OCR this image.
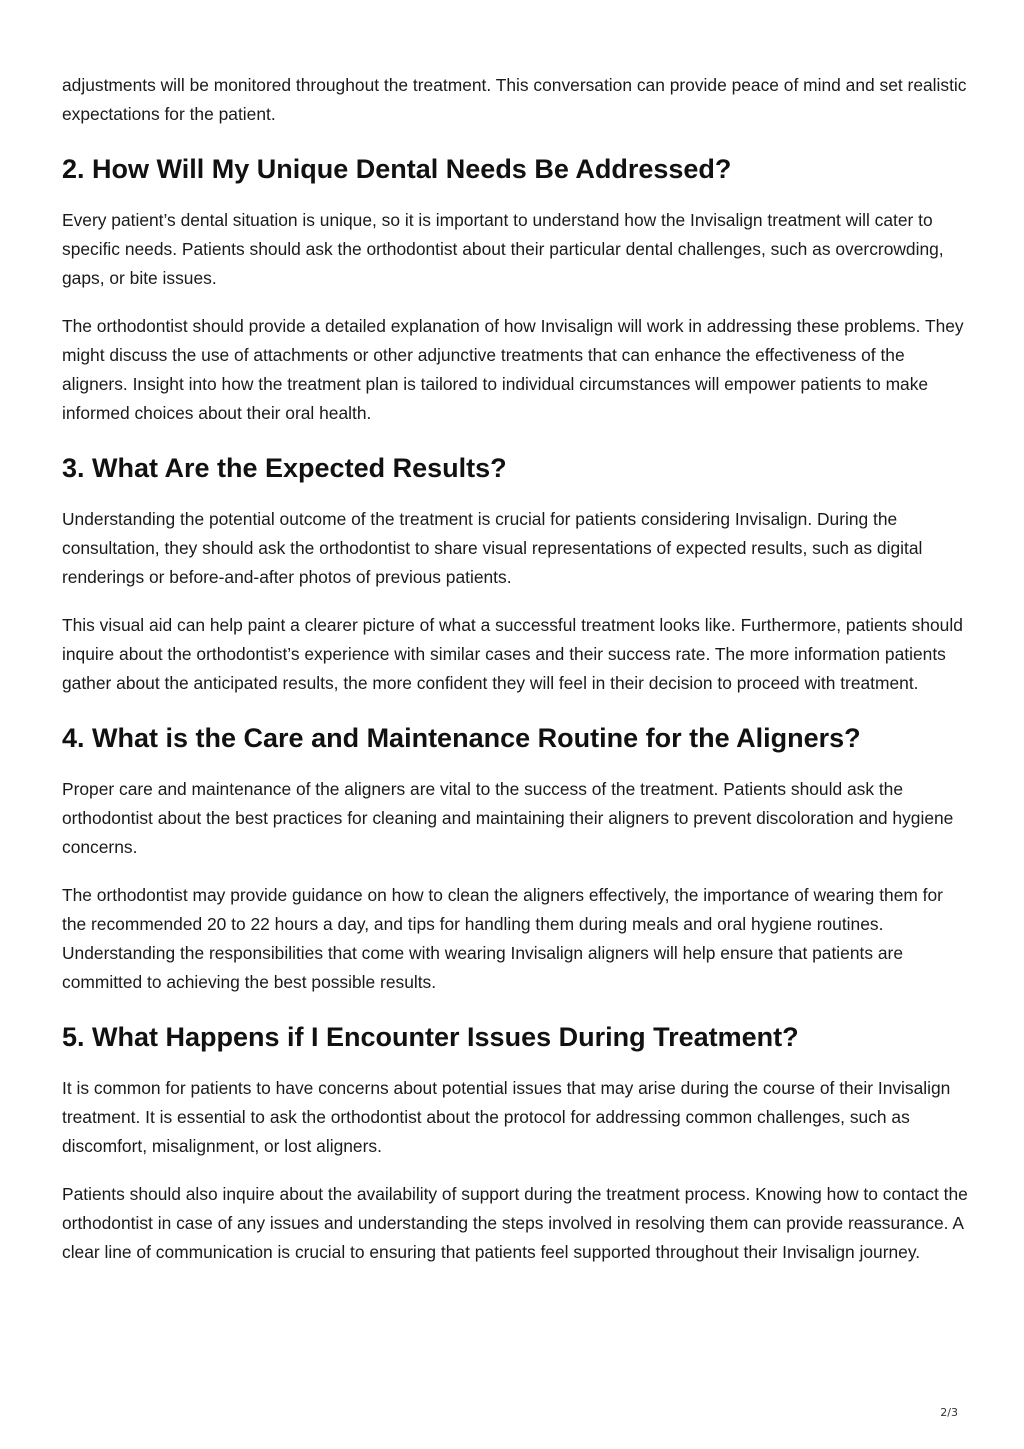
adjustments will be monitored throughout the treatment. This conversation can provide peace of mind and set realistic expectations for the patient.

2. How Will My Unique Dental Needs Be Addressed?

Every patient’s dental situation is unique, so it is important to understand how the Invisalign treatment will cater to specific needs. Patients should ask the orthodontist about their particular dental challenges, such as overcrowding, gaps, or bite issues.

The orthodontist should provide a detailed explanation of how Invisalign will work in addressing these problems. They might discuss the use of attachments or other adjunctive treatments that can enhance the effectiveness of the aligners. Insight into how the treatment plan is tailored to individual circumstances will empower patients to make informed choices about their oral health.

3. What Are the Expected Results?

Understanding the potential outcome of the treatment is crucial for patients considering Invisalign. During the consultation, they should ask the orthodontist to share visual representations of expected results, such as digital renderings or before-and-after photos of previous patients.

This visual aid can help paint a clearer picture of what a successful treatment looks like. Furthermore, patients should inquire about the orthodontist’s experience with similar cases and their success rate. The more information patients gather about the anticipated results, the more confident they will feel in their decision to proceed with treatment.

4. What is the Care and Maintenance Routine for the Aligners?

Proper care and maintenance of the aligners are vital to the success of the treatment. Patients should ask the orthodontist about the best practices for cleaning and maintaining their aligners to prevent discoloration and hygiene concerns.

The orthodontist may provide guidance on how to clean the aligners effectively, the importance of wearing them for the recommended 20 to 22 hours a day, and tips for handling them during meals and oral hygiene routines. Understanding the responsibilities that come with wearing Invisalign aligners will help ensure that patients are committed to achieving the best possible results.

5. What Happens if I Encounter Issues During Treatment?

It is common for patients to have concerns about potential issues that may arise during the course of their Invisalign treatment. It is essential to ask the orthodontist about the protocol for addressing common challenges, such as discomfort, misalignment, or lost aligners.

Patients should also inquire about the availability of support during the treatment process. Knowing how to contact the orthodontist in case of any issues and understanding the steps involved in resolving them can provide reassurance. A clear line of communication is crucial to ensuring that patients feel supported throughout their Invisalign journey.

2/3
